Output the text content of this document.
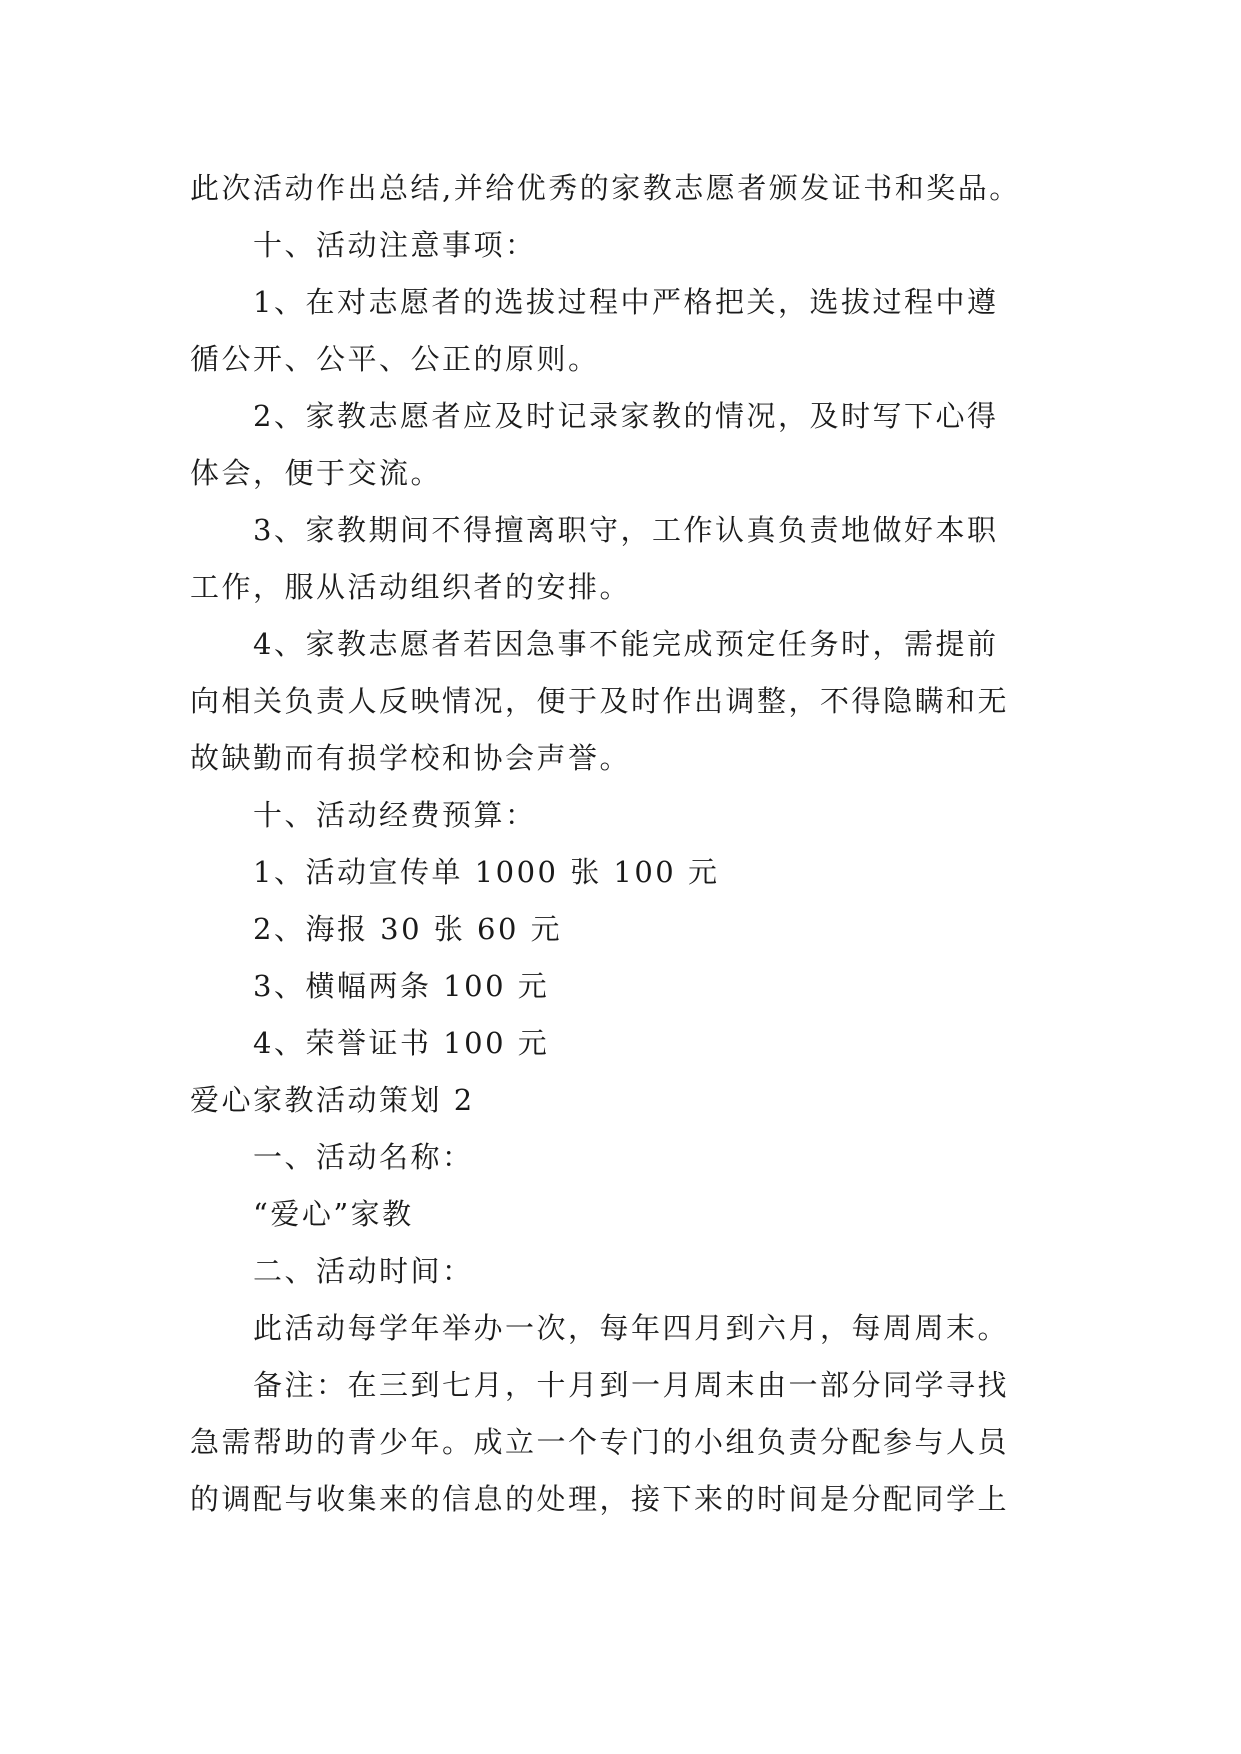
此次活动作出总结,并给优秀的家教志愿者颁发证书和奖品。
十、活动注意事项：
1、在对志愿者的选拔过程中严格把关，选拔过程中遵
循公开、公平、公正的原则。
2、家教志愿者应及时记录家教的情况，及时写下心得
体会，便于交流。
3、家教期间不得擅离职守，工作认真负责地做好本职
工作，服从活动组织者的安排。
4、家教志愿者若因急事不能完成预定任务时，需提前
向相关负责人反映情况，便于及时作出调整，不得隐瞒和无
故缺勤而有损学校和协会声誉。
十、活动经费预算：
1、活动宣传单 1000 张 100 元
2、海报 30 张 60 元
3、横幅两条 100 元
4、荣誉证书 100 元
爱心家教活动策划 2
一、活动名称：
“爱心”家教
二、活动时间：
此活动每学年举办一次，每年四月到六月，每周周末。
备注：在三到七月，十月到一月周末由一部分同学寻找
急需帮助的青少年。成立一个专门的小组负责分配参与人员
的调配与收集来的信息的处理，接下来的时间是分配同学上
